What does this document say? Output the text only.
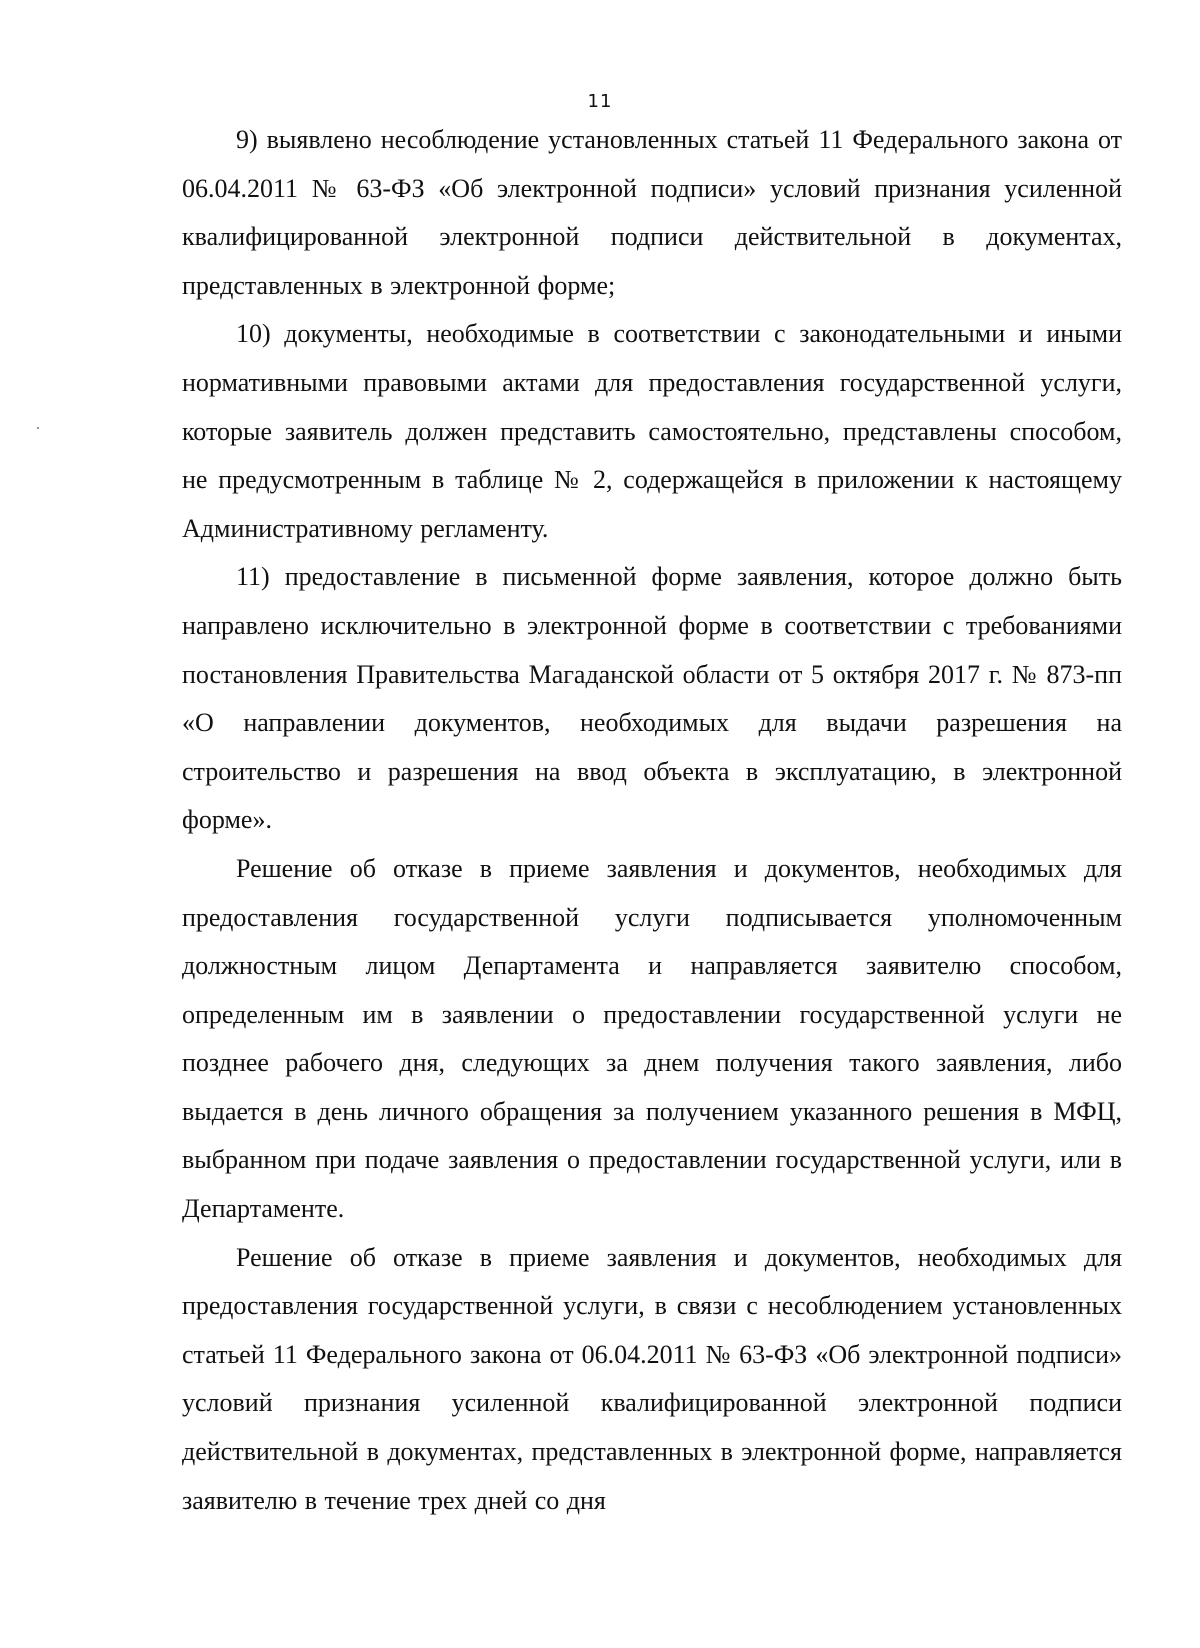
11

9) выявлено несоблюдение установленных статьей 11 Федерального закона от 06.04.2011 № 63-ФЗ «Об электронной подписи» условий признания усиленной квалифицированной электронной подписи действительной в документах, представленных в электронной форме;

10) документы, необходимые в соответствии с законодательными и иными нормативными правовыми актами для предоставления государственной услуги, которые заявитель должен представить самостоятельно, представлены способом, не предусмотренным в таблице № 2, содержащейся в приложении к настоящему Административному регламенту.

11) предоставление в письменной форме заявления, которое должно быть направлено исключительно в электронной форме в соответствии с требованиями постановления Правительства Магаданской области от 5 октября 2017 г. № 873-пп «О направлении документов, необходимых для выдачи разрешения на строительство и разрешения на ввод объекта в эксплуатацию, в электронной форме».

Решение об отказе в приеме заявления и документов, необходимых для предоставления государственной услуги подписывается уполномоченным должностным лицом Департамента и направляется заявителю способом, определенным им в заявлении о предоставлении государственной услуги не позднее рабочего дня, следующих за днем получения такого заявления, либо выдается в день личного обращения за получением указанного решения в МФЦ, выбранном при подаче заявления о предоставлении государственной услуги, или в Департаменте.

Решение об отказе в приеме заявления и документов, необходимых для предоставления государственной услуги, в связи с несоблюдением установленных статьей 11 Федерального закона от 06.04.2011 № 63-ФЗ «Об электронной подписи» условий признания усиленной квалифицированной электронной подписи действительной в документах, представленных в электронной форме, направляется заявителю в течение трех дней со дня
